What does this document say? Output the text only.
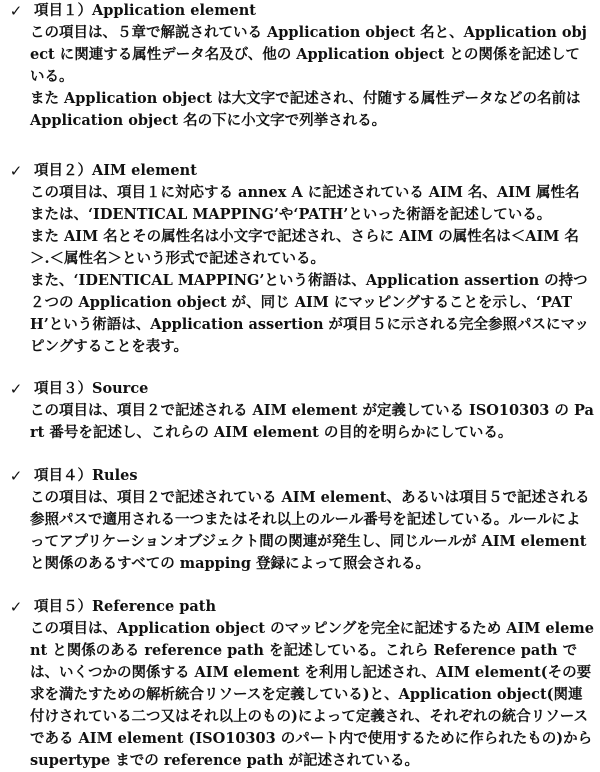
✓ 項目１）Application element

この項目は、５章で解説されている Application object 名と、Application object に関連する属性データ名及び、他の Application object との関係を記述している。

また Application object は大文字で記述され、付随する属性データなどの名前は Application object 名の下に小文字で列挙される。

✓ 項目２）AIM element

この項目は、項目１に対応する annex A に記述されている AIM 名、AIM 属性名または、‘IDENTICAL MAPPING’や‘PATH’といった術語を記述している。

また AIM 名とその属性名は小文字で記述され、さらに AIM の属性名は＜AIM 名＞.＜属性名＞という形式で記述されている。

また、‘IDENTICAL MAPPING’という術語は、Application assertion の持つ２つの Application object が、同じ AIM にマッピングすることを示し、‘PATH’という術語は、Application assertion が項目５に示される完全参照パスにマッピングすることを表す。

✓ 項目３）Source

この項目は、項目２で記述される AIM element が定義している ISO10303 の Part 番号を記述し、これらの AIM element の目的を明らかにしている。

✓ 項目４）Rules

この項目は、項目２で記述されている AIM element、あるいは項目５で記述される参照パスで適用される一つまたはそれ以上のルール番号を記述している。ルールによってアプリケーションオブジェクト間の関連が発生し、同じルールが AIM element と関係のあるすべての mapping 登録によって照会される。

✓ 項目５）Reference path

この項目は、Application object のマッピングを完全に記述するため AIM element と関係のある reference path を記述している。これら Reference path では、いくつかの関係する AIM element を利用し記述され、AIM element(その要求を満たすための解析統合リソースを定義している)と、Application object(関連付けされている二つ又はそれ以上のもの)によって定義され、それぞれの統合リソースである AIM element (ISO10303 のパート内で使用するために作られたもの)から supertype までの reference path が記述されている。
